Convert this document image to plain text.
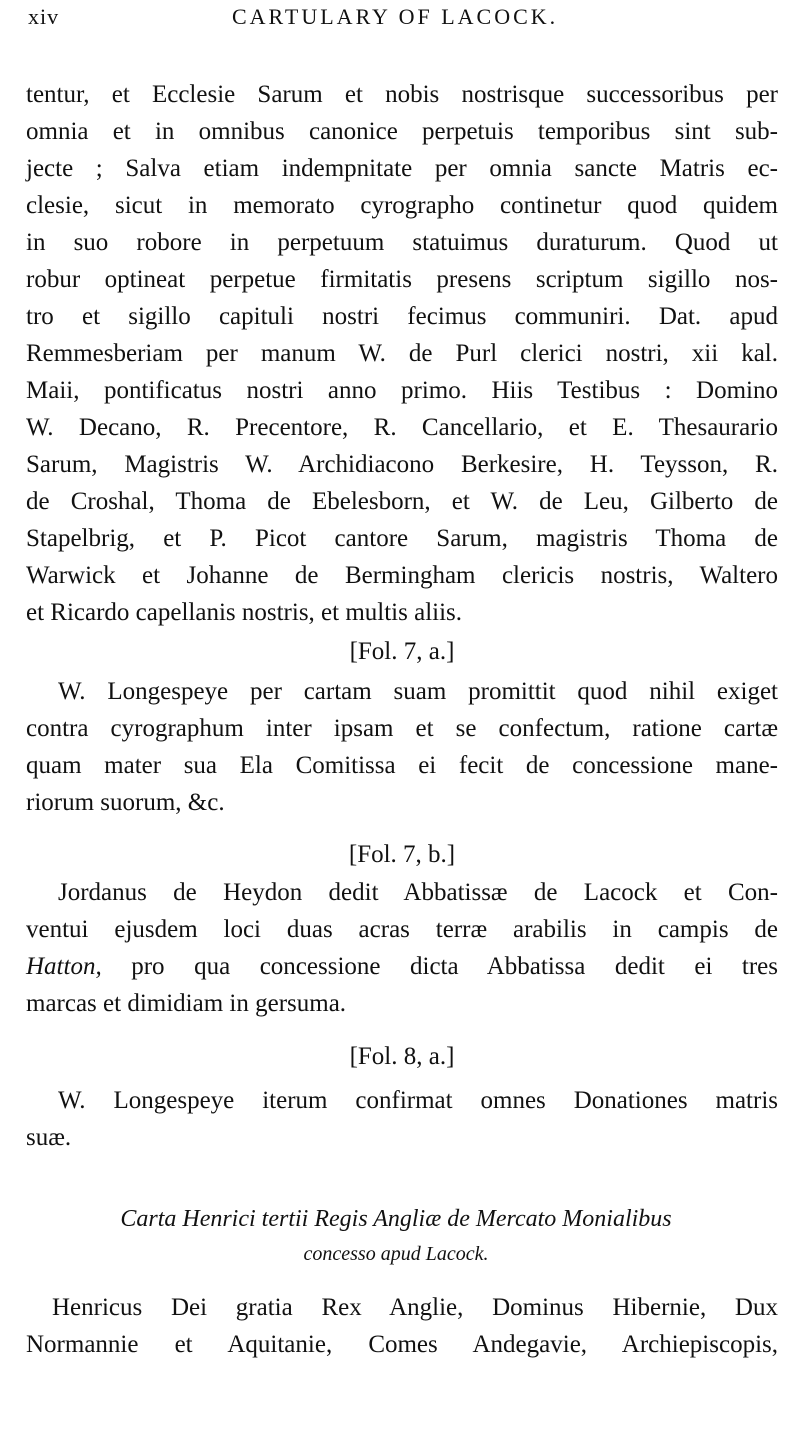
xiv	CARTULARY OF LACOCK.
tentur, et Ecclesie Sarum et nobis nostrisque successoribus per
omnia et in omnibus canonice perpetuis temporibus sint sub-
jecte ; Salva etiam indempnitate per omnia sancte Matris ec-
clesie, sicut in memorato cyrographo continetur quod quidem
in suo robore in perpetuum statuimus duraturum. Quod ut
robur optineat perpetue firmitatis presens scriptum sigillo nos-
tro et sigillo capituli nostri fecimus communiri. Dat. apud
Remmesberiam per manum W. de Purl clerici nostri, xii kal.
Maii, pontificatus nostri anno primo. Hiis Testibus : Domino
W. Decano, R. Precentore, R. Cancellario, et E. Thesaurario
Sarum, Magistris W. Archidiacono Berkesire, H. Teysson, R.
de Croshal, Thoma de Ebelesborn, et W. de Leu, Gilberto de
Stapelbrig, et P. Picot cantore Sarum, magistris Thoma de
Warwick et Johanne de Bermingham clericis nostris, Waltero
et Ricardo capellanis nostris, et multis aliis.
[Fol. 7, a.]
W. Longespeye per cartam suam promittit quod nihil exiget
contra cyrographum inter ipsam et se confectum, ratione cartæ
quam mater sua Ela Comitissa ei fecit de concessione mane-
riorum suorum, &c.
[Fol. 7, b.]
Jordanus de Heydon dedit Abbatissæ de Lacock et Con-
ventui ejusdem loci duas acras terræ arabilis in campis de
Hatton, pro qua concessione dicta Abbatissa dedit ei tres
marcas et dimidiam in gersuma.
[Fol. 8, a.]
W. Longespeye iterum confirmat omnes Donationes matris
suæ.
Carta Henrici tertii Regis Angliæ de Mercato Monialibus
concesso apud Lacock.
Henricus Dei gratia Rex Anglie, Dominus Hibernie, Dux
Normannie et Aquitanie, Comes Andegavie, Archiepiscopis,
